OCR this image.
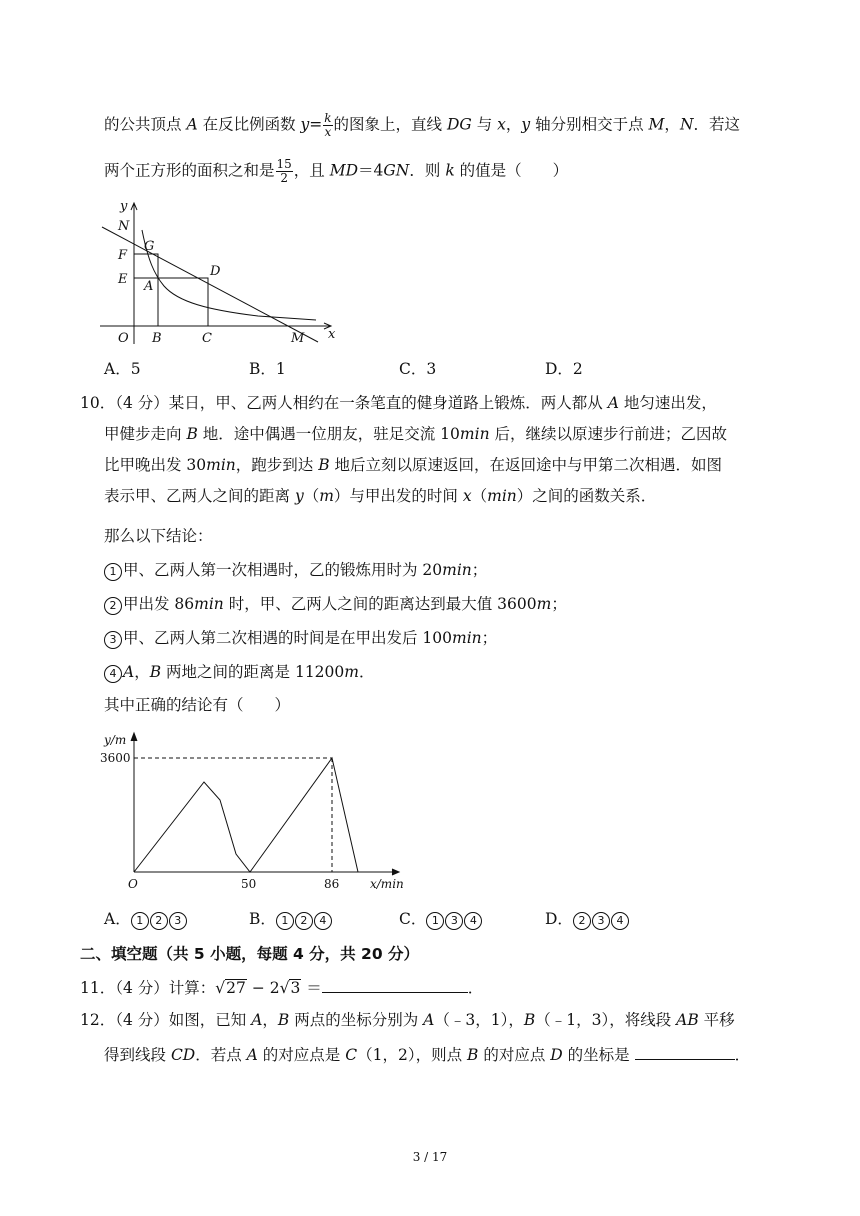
的公共顶点 A 在反比例函数 $y= \frac{k}{x}$ 的图象上，直线 DG 与 x，y 轴分别相交于点 M，N．若这
两个正方形的面积之和是 $\frac{15}{2}$ ，且 MD＝4GN．则 k 的值是（　　）
y
N
G
F
D
E A
O B	C	M x
A．5	B．1	C．3	D．2
10．（4 分）某日，甲、乙两人相约在一条笔直的健身道路上锻炼．两人都从 A 地匀速出发，
甲健步走向 B 地．途中偶遇一位朋友，驻足交流 10min 后，继续以原速步行前进；乙因故
比甲晚出发 30min，跑步到达 B 地后立刻以原速返回，在返回途中与甲第二次相遇．如图
表示甲、乙两人之间的距离 y（m）与甲出发的时间 x（min）之间的函数关系．
那么以下结论：
1 甲、乙两人第一次相遇时，乙的锻炼用时为 20min；
2 甲出发 86min 时，甲、乙两人之间的距离达到最大值 3600m；
3 甲、乙两人第二次相遇的时间是在甲出发后 100min；
4 A，B 两地之间的距离是 11200m．
其中正确的结论有（　　）
y/m
3600
O	50	86	x/min
A． 1 2 3	B． 1 2 4	C． 1 3 4	D． 2 3 4
二、填空题（共 5 小题，每题 4 分，共 20 分）
11．（4 分）计算：√27 − 2√3 ＝	．
12．（4 分）如图，已知 A，B 两点的坐标分别为 A（﹣3，1），B（﹣1，3），将线段 AB 平移
得到线段 CD．若点 A 的对应点是 C（1，2），则点 B 的对应点 D 的坐标是	．
3 / 17
